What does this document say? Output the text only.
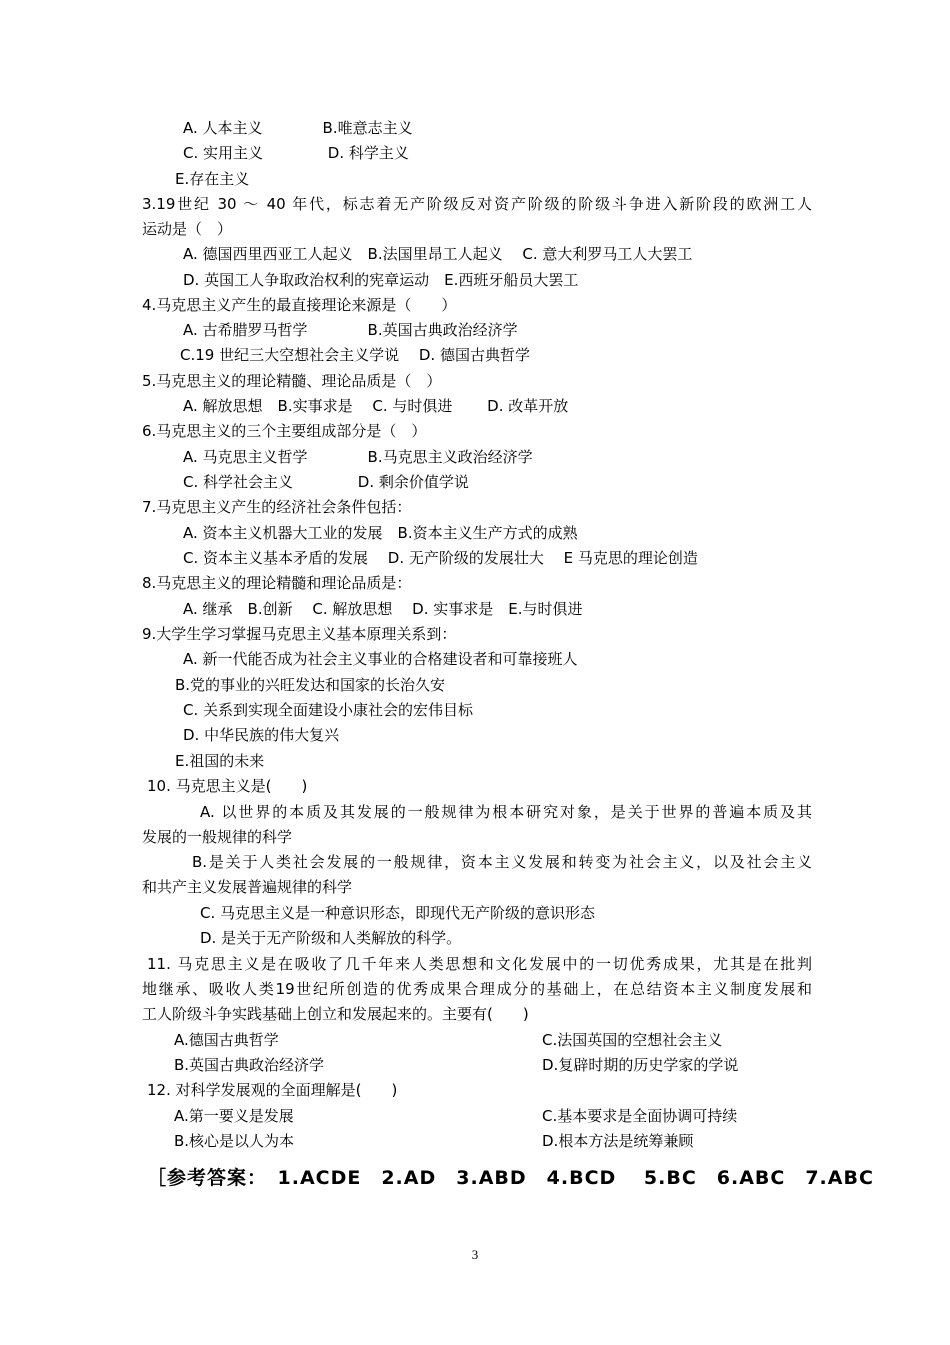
A. 人本主义　　　　B.唯意志主义
C. 实用主义　　　　 D. 科学主义
E.存在主义
3.19世纪 30 ～ 40 年代，标志着无产阶级反对资产阶级的阶级斗争进入新阶段的欧洲工人
运动是（　）
A. 德国西里西亚工人起义　B.法国里昂工人起义　 C. 意大利罗马工人大罢工
D. 英国工人争取政治权利的宪章运动　E.西班牙船员大罢工
4.马克思主义产生的最直接理论来源是（　　）
A. 古希腊罗马哲学　　　　B.英国古典政治经济学
C.19 世纪三大空想社会主义学说　 D. 德国古典哲学
5.马克思主义的理论精髓、理论品质是（　）
A. 解放思想　B.实事求是　 C. 与时俱进　　 D. 改革开放
6.马克思主义的三个主要组成部分是（　）
A. 马克思主义哲学　　　　B.马克思主义政治经济学
C. 科学社会主义　　　　 D. 剩余价值学说
7.马克思主义产生的经济社会条件包括：
A. 资本主义机器大工业的发展　B.资本主义生产方式的成熟
C. 资本主义基本矛盾的发展　 D. 无产阶级的发展壮大　 E 马克思的理论创造
8.马克思主义的理论精髓和理论品质是：
A. 继承　B.创新　 C. 解放思想　 D. 实事求是　E.与时俱进
9.大学生学习掌握马克思主义基本原理关系到：
A. 新一代能否成为社会主义事业的合格建设者和可靠接班人
B.党的事业的兴旺发达和国家的长治久安
C. 关系到实现全面建设小康社会的宏伟目标
D. 中华民族的伟大复兴
E.祖国的未来
10. 马克思主义是(　　)
A. 以世界的本质及其发展的一般规律为根本研究对象，是关于世界的普遍本质及其
发展的一般规律的科学
B.是关于人类社会发展的一般规律，资本主义发展和转变为社会主义，以及社会主义
和共产主义发展普遍规律的科学
C. 马克思主义是一种意识形态，即现代无产阶级的意识形态
D. 是关于无产阶级和人类解放的科学。
11. 马克思主义是在吸收了几千年来人类思想和文化发展中的一切优秀成果，尤其是在批判
地继承、吸收人类19世纪所创造的优秀成果合理成分的基础上，在总结资本主义制度发展和
工人阶级斗争实践基础上创立和发展起来的。主要有(　　)
A.德国古典哲学	C.法国英国的空想社会主义
B.英国古典政治经济学	D.复辟时期的历史学家的学说
12. 对科学发展观的全面理解是(　　)
A.第一要义是发展	C.基本要求是全面协调可持续
B.核心是以人为本	D.根本方法是统筹兼顾
［参考答案：　1.ACDE　2.AD　3.ABD　4.BCD　 5.BC　6.ABC　7.ABC
3
